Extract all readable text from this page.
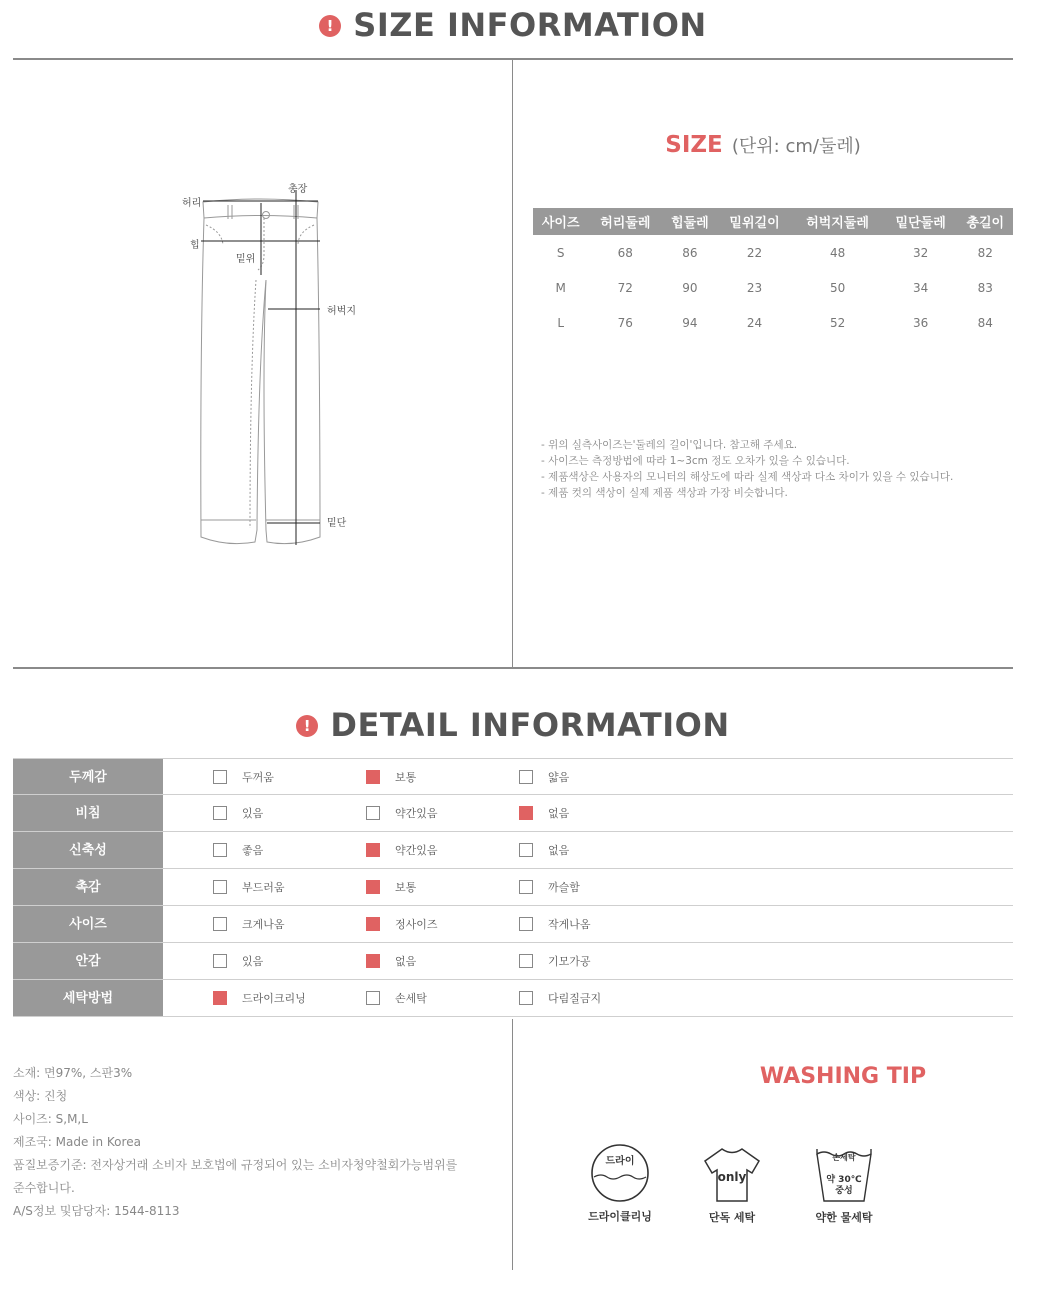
! SIZE INFORMATION
허리
총장
힙
밑위
허벅지
밑단
SIZE (단위: cm/둘레)
사이즈	허리둘레	힙둘레	밑위길이	허벅지둘레	밑단둘레	총길이
S	68	86	22	48	32	82
M	72	90	23	50	34	83
L	76	94	24	52	36	84
- 위의 실측사이즈는'둘레의 길이'입니다. 참고해 주세요.
- 사이즈는 측정방법에 따라 1~3cm 정도 오차가 있을 수 있습니다.
- 제품색상은 사용자의 모니터의 해상도에 따라 실제 색상과 다소 차이가 있을 수 있습니다.
- 제품 컷의 색상이 실제 제품 색상과 가장 비슷합니다.
! DETAIL INFORMATION
두께감	두꺼움	보통	얇음
비침	있음	약간있음	없음
신축성	좋음	약간있음	없음
촉감	부드러움	보통	까슬함
사이즈	크게나옴	정사이즈	작게나옴
안감	있음	없음	기모가공
세탁방법	드라이크리닝	손세탁	다림질금지
소재: 면97%, 스판3%
색상: 진청
사이즈: S,M,L
제조국: Made in Korea
품질보증기준: 전자상거래 소비자 보호법에 규정되어 있는 소비자청약철회가능범위를
준수합니다.
A/S정보 및담당자: 1544-8113
WASHING TIP
드라이
드라이클리닝
only
단독 세탁
손세탁
약 30℃
중성
약한 물세탁
